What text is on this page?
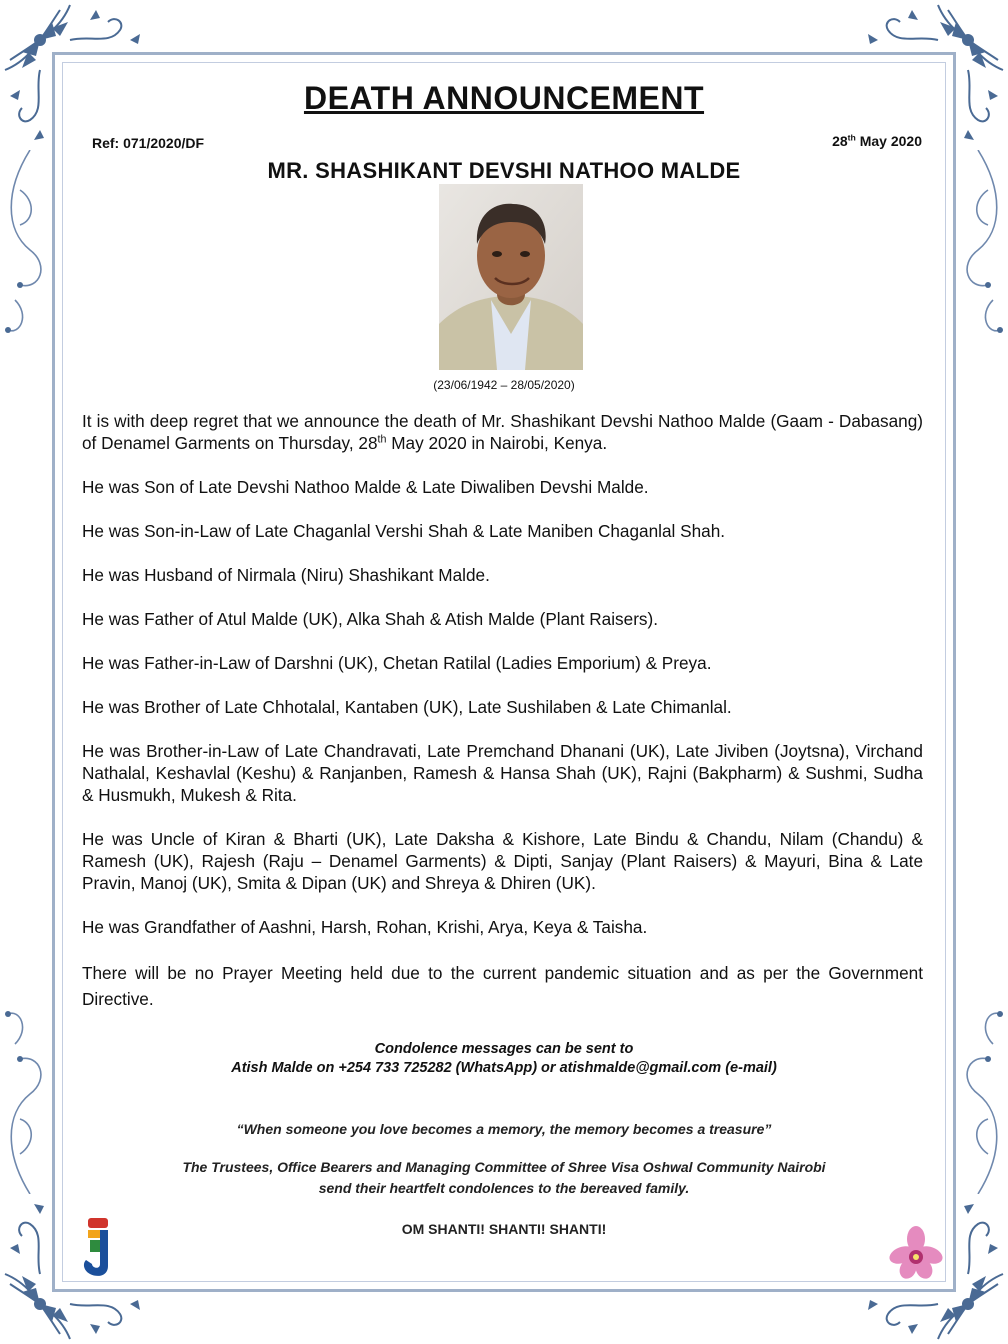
DEATH ANNOUNCEMENT
Ref: 071/2020/DF	28th May 2020
MR. SHASHIKANT DEVSHI NATHOO MALDE
(23/06/1942 – 28/05/2020)

It is with deep regret that we announce the death of Mr. Shashikant Devshi Nathoo Malde (Gaam - Dabasang) of Denamel Garments on Thursday, 28th May 2020 in Nairobi, Kenya.

He was Son of Late Devshi Nathoo Malde & Late Diwaliben Devshi Malde.

He was Son-in-Law of Late Chaganlal Vershi Shah & Late Maniben Chaganlal Shah.

He was Husband of Nirmala (Niru) Shashikant Malde.

He was Father of Atul Malde (UK), Alka Shah & Atish Malde (Plant Raisers).

He was Father-in-Law of Darshni (UK), Chetan Ratilal (Ladies Emporium) & Preya.

He was Brother of Late Chhotalal, Kantaben (UK), Late Sushilaben & Late Chimanlal.

He was Brother-in-Law of Late Chandravati, Late Premchand Dhanani (UK), Late Jiviben (Joytsna), Virchand Nathalal, Keshavlal (Keshu) & Ranjanben, Ramesh & Hansa Shah (UK), Rajni (Bakpharm) & Sushmi, Sudha & Husmukh, Mukesh & Rita.

He was Uncle of Kiran & Bharti (UK), Late Daksha & Kishore, Late Bindu & Chandu, Nilam (Chandu) & Ramesh (UK), Rajesh (Raju – Denamel Garments) & Dipti, Sanjay (Plant Raisers) & Mayuri, Bina & Late Pravin, Manoj (UK), Smita & Dipan (UK) and Shreya & Dhiren (UK).

He was Grandfather of Aashni, Harsh, Rohan, Krishi, Arya, Keya & Taisha.

There will be no Prayer Meeting held due to the current pandemic situation and as per the Government Directive.

Condolence messages can be sent to
Atish Malde on +254 733 725282 (WhatsApp) or atishmalde@gmail.com (e-mail)
“When someone you love becomes a memory, the memory becomes a treasure”
The Trustees, Office Bearers and Managing Committee of Shree Visa Oshwal Community Nairobi
send their heartfelt condolences to the bereaved family.
OM SHANTI! SHANTI! SHANTI!
